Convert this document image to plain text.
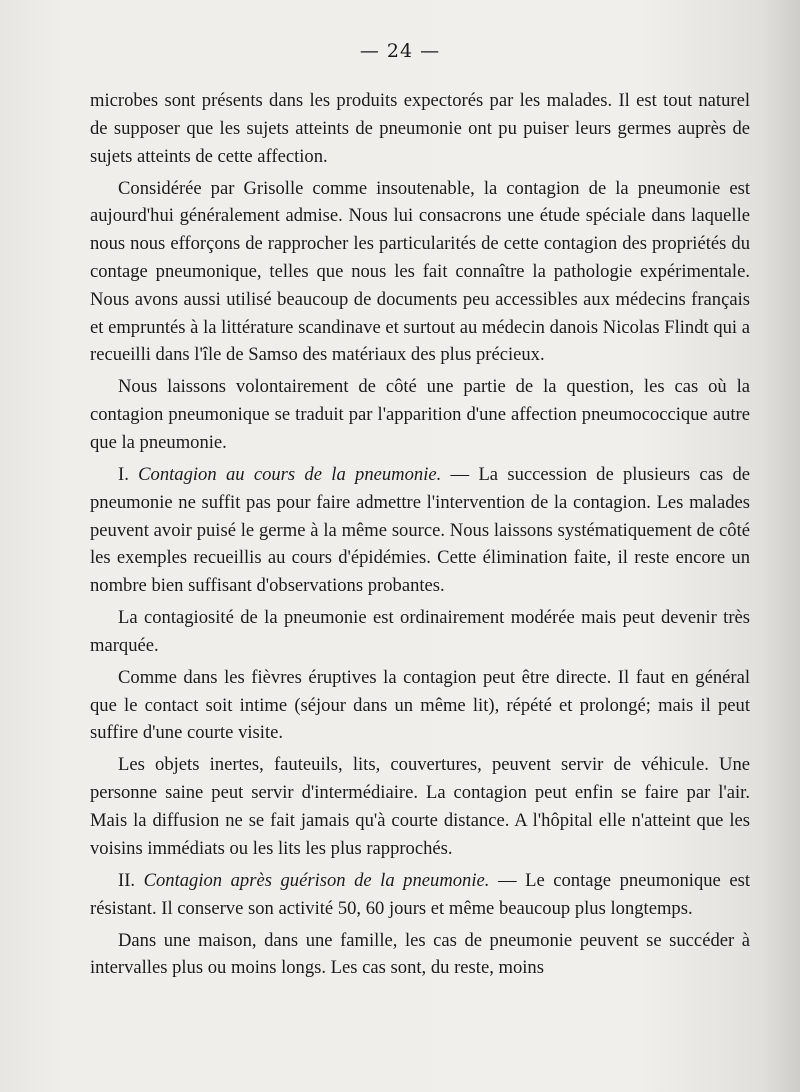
— 24 —

microbes sont présents dans les produits expectorés par les malades. Il est tout naturel de supposer que les sujets atteints de pneumonie ont pu puiser leurs germes auprès de sujets atteints de cette affection.

Considérée par Grisolle comme insoutenable, la contagion de la pneumonie est aujourd'hui généralement admise. Nous lui consacrons une étude spéciale dans laquelle nous nous efforçons de rapprocher les particularités de cette contagion des propriétés du contage pneumonique, telles que nous les fait connaître la pathologie expérimentale. Nous avons aussi utilisé beaucoup de documents peu accessibles aux médecins français et empruntés à la littérature scandinave et surtout au médecin danois Nicolas Flindt qui a recueilli dans l'île de Samso des matériaux des plus précieux.

Nous laissons volontairement de côté une partie de la question, les cas où la contagion pneumonique se traduit par l'apparition d'une affection pneumococcique autre que la pneumonie.

I. Contagion au cours de la pneumonie. — La succession de plusieurs cas de pneumonie ne suffit pas pour faire admettre l'intervention de la contagion. Les malades peuvent avoir puisé le germe à la même source. Nous laissons systématiquement de côté les exemples recueillis au cours d'épidémies. Cette élimination faite, il reste encore un nombre bien suffisant d'observations probantes.

La contagiosité de la pneumonie est ordinairement modérée mais peut devenir très marquée.

Comme dans les fièvres éruptives la contagion peut être directe. Il faut en général que le contact soit intime (séjour dans un même lit), répété et prolongé; mais il peut suffire d'une courte visite.

Les objets inertes, fauteuils, lits, couvertures, peuvent servir de véhicule. Une personne saine peut servir d'intermédiaire. La contagion peut enfin se faire par l'air. Mais la diffusion ne se fait jamais qu'à courte distance. A l'hôpital elle n'atteint que les voisins immédiats ou les lits les plus rapprochés.

II. Contagion après guérison de la pneumonie. — Le contage pneumonique est résistant. Il conserve son activité 50, 60 jours et même beaucoup plus longtemps.

Dans une maison, dans une famille, les cas de pneumonie peuvent se succéder à intervalles plus ou moins longs. Les cas sont, du reste, moins
